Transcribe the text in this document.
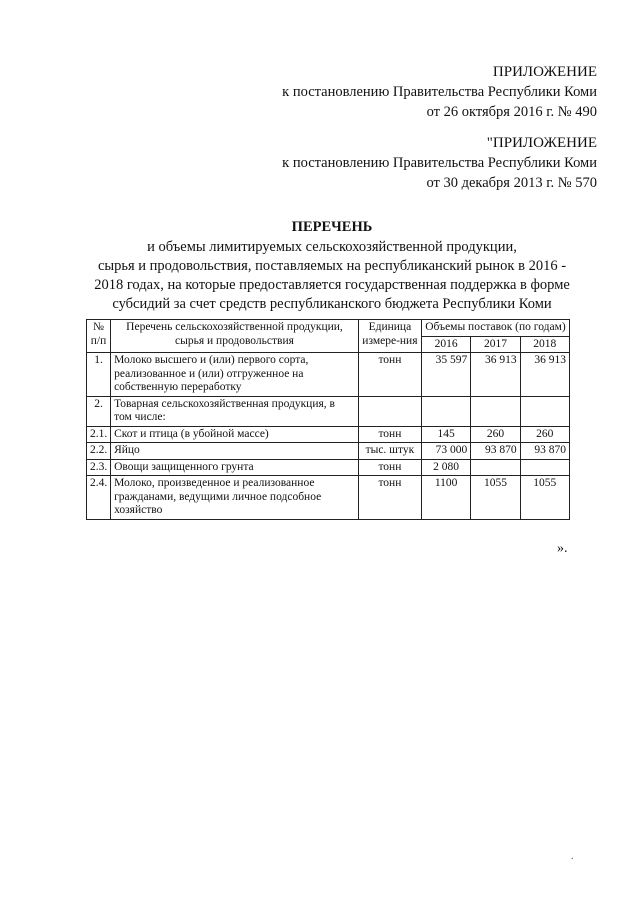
ПРИЛОЖЕНИЕ
к постановлению Правительства Республики Коми
от 26 октября 2016 г. № 490
"ПРИЛОЖЕНИЕ
к постановлению Правительства Республики Коми
от 30 декабря 2013 г. № 570
ПЕРЕЧЕНЬ
и объемы лимитируемых сельскохозяйственной продукции,
сырья и продовольствия, поставляемых на республиканский рынок в 2016 -
2018 годах, на которые предоставляется государственная поддержка в форме
субсидий за счет средств республиканского бюджета Республики Коми
№ п/п	Перечень сельскохозяйственной продукции, сырья и продовольствия	Единица измере-ния	Объемы поставок (по годам)		
			2016	2017	2018
1.	Молоко высшего и (или) первого сорта, реализованное и (или) отгруженное на собственную переработку	тонн	35 597	36 913	36 913
2.	Товарная сельскохозяйственная продукция, в том числе:				
2.1.	Скот и птица (в убойной массе)	тонн	145	260	260
2.2.	Яйцо	тыс. штук	73 000	93 870	93 870
2.3.	Овощи защищенного грунта	тонн	2 080		
2.4.	Молоко, произведенное и реализованное гражданами, ведущими личное подсобное хозяйство	тонн	1100	1055	1055
».
.
